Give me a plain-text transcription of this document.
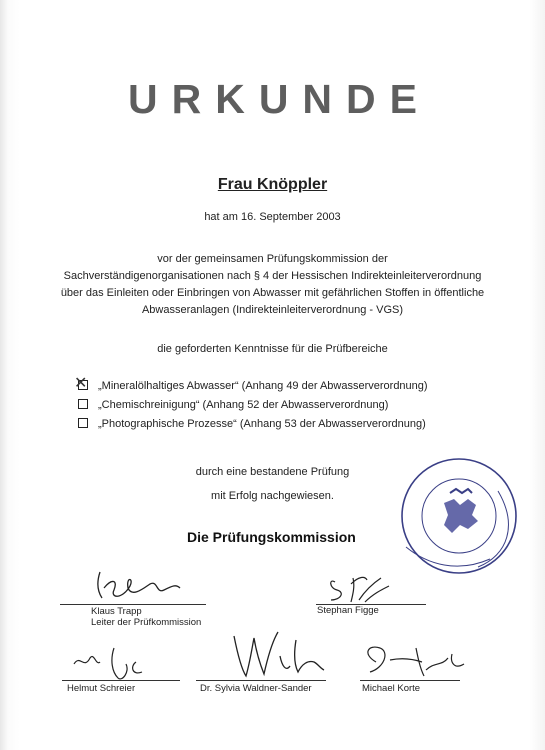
URKUNDE
Frau Knöppler
hat am 16. September 2003
vor der gemeinsamen Prüfungskommission der
Sachverständigenorganisationen nach § 4 der Hessischen Indirekteinleiterverordnung
über das Einleiten oder Einbringen von Abwasser mit gefährlichen Stoffen in öffentliche
Abwasseranlagen (Indirekteinleiterverordnung - VGS)
die geforderten Kenntnisse für die Prüfbereiche
✕„Mineralölhaltiges Abwasser“ (Anhang 49 der Abwasserverordnung)
„Chemischreinigung“ (Anhang 52 der Abwasserverordnung)
„Photographische Prozesse“ (Anhang 53 der Abwasserverordnung)
durch eine bestandene Prüfung
mit Erfolg nachgewiesen.
Die Prüfungskommission
Klaus Trapp
Leiter der Prüfkommission
Stephan Figge
Helmut Schreier	Dr. Sylvia Waldner-Sander	Michael Korte
